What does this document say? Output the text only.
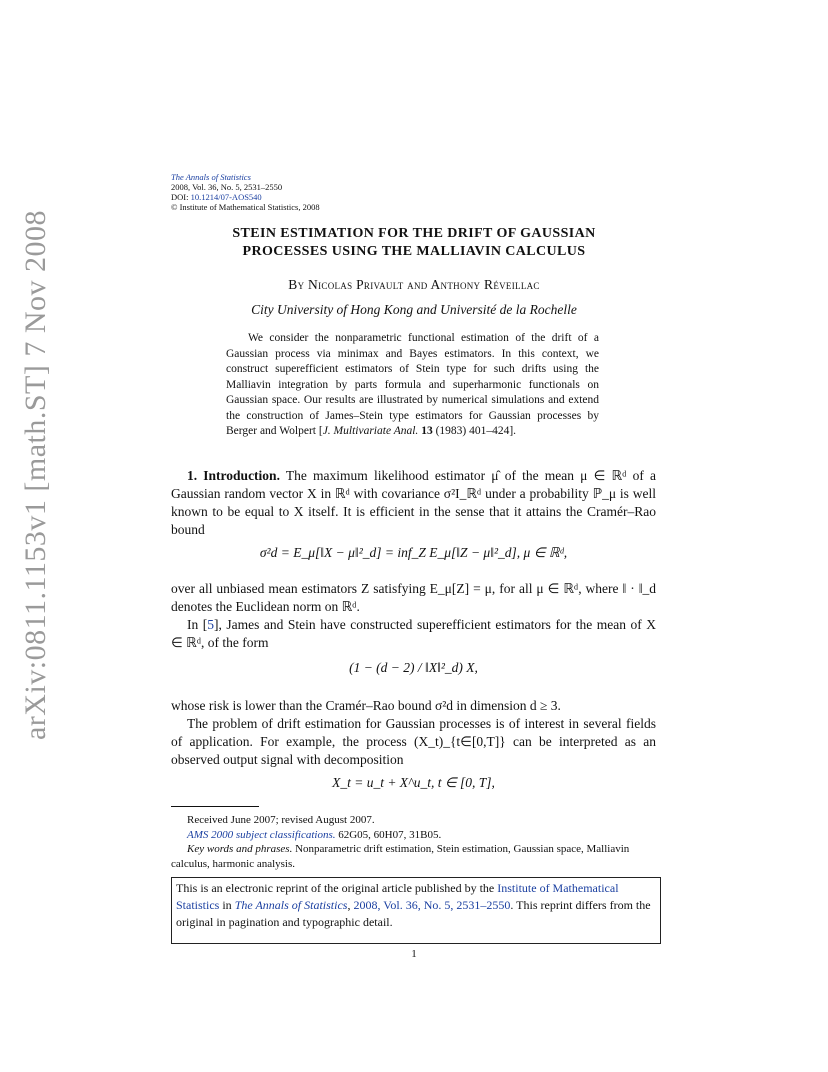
arXiv:0811.1153v1 [math.ST] 7 Nov 2008
The Annals of Statistics
2008, Vol. 36, No. 5, 2531–2550
DOI: 10.1214/07-AOS540
© Institute of Mathematical Statistics, 2008
STEIN ESTIMATION FOR THE DRIFT OF GAUSSIAN
PROCESSES USING THE MALLIAVIN CALCULUS
By Nicolas Privault and Anthony Réveillac
City University of Hong Kong and Université de la Rochelle
We consider the nonparametric functional estimation of the drift of a Gaussian process via minimax and Bayes estimators. In this context, we construct superefficient estimators of Stein type for such drifts using the Malliavin integration by parts formula and superharmonic functionals on Gaussian space. Our results are illustrated by numerical simulations and extend the construction of James–Stein type estimators for Gaussian processes by Berger and Wolpert [J. Multivariate Anal. 13 (1983) 401–424].

1. Introduction. The maximum likelihood estimator μ̂ of the mean μ ∈ ℝᵈ of a Gaussian random vector X in ℝᵈ with covariance σ²I_ℝᵈ under a probability ℙ_μ is well known to be equal to X itself. It is efficient in the sense that it attains the Cramér–Rao bound

σ²d = E_μ[‖X − μ‖²_d] = inf_Z E_μ[‖Z − μ‖²_d], μ ∈ ℝᵈ,

over all unbiased mean estimators Z satisfying E_μ[Z] = μ, for all μ ∈ ℝᵈ, where ‖ · ‖_d denotes the Euclidean norm on ℝᵈ.

In [5], James and Stein have constructed superefficient estimators for the mean of X ∈ ℝᵈ, of the form

(1 − (d − 2) / ‖X‖²_d) X,

whose risk is lower than the Cramér–Rao bound σ²d in dimension d ≥ 3.

The problem of drift estimation for Gaussian processes is of interest in several fields of application. For example, the process (X_t)_{t∈[0,T]} can be interpreted as an observed output signal with decomposition

X_t = u_t + X^u_t, t ∈ [0, T],

Received June 2007; revised August 2007.

AMS 2000 subject classifications. 62G05, 60H07, 31B05.

Key words and phrases. Nonparametric drift estimation, Stein estimation, Gaussian space, Malliavin calculus, harmonic analysis.

This is an electronic reprint of the original article published by the Institute of Mathematical Statistics in The Annals of Statistics, 2008, Vol. 36, No. 5, 2531–2550. This reprint differs from the original in pagination and typographic detail.
1
